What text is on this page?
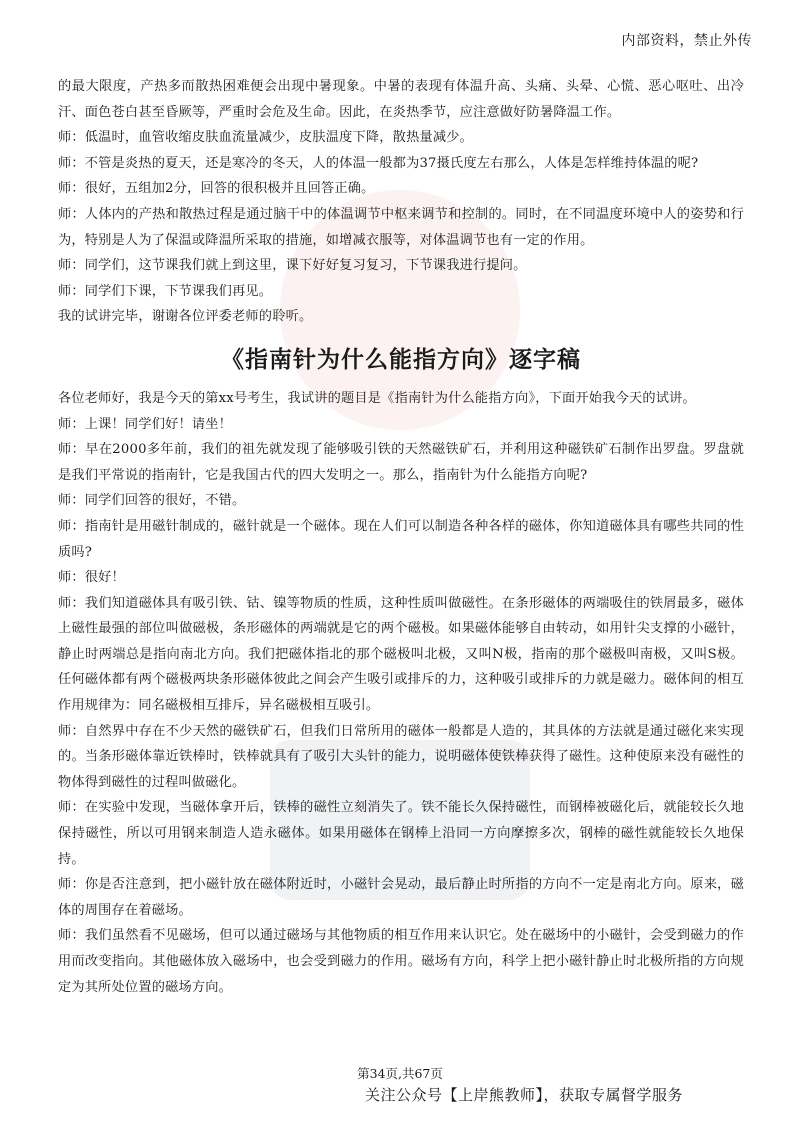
内部资料，禁止外传

的最大限度，产热多而散热困难便会出现中暑现象。中暑的表现有体温升高、头痛、头晕、心慌、恶心呕吐、出冷汗、面色苍白甚至昏厥等，严重时会危及生命。因此，在炎热季节，应注意做好防暑降温工作。

师：低温时，血管收缩皮肤血流量减少，皮肤温度下降，散热量减少。

师：不管是炎热的夏天，还是寒冷的冬天，人的体温一般都为37摄氏度左右那么，人体是怎样维持体温的呢?

师：很好，五组加2分，回答的很积极并且回答正确。

师：人体内的产热和散热过程是通过脑干中的体温调节中枢来调节和控制的。同时，在不同温度环境中人的姿势和行为，特别是人为了保温或降温所采取的措施，如增减衣服等，对体温调节也有一定的作用。

师：同学们，这节课我们就上到这里，课下好好复习复习，下节课我进行提问。

师：同学们下课，下节课我们再见。

我的试讲完毕，谢谢各位评委老师的聆听。

《指南针为什么能指方向》逐字稿

各位老师好，我是今天的第xx号考生，我试讲的题目是《指南针为什么能指方向》，下面开始我今天的试讲。

师：上课！同学们好！请坐！

师：早在2000多年前，我们的祖先就发现了能够吸引铁的天然磁铁矿石，并利用这种磁铁矿石制作出罗盘。罗盘就是我们平常说的指南针，它是我国古代的四大发明之一。那么，指南针为什么能指方向呢?

师：同学们回答的很好，不错。

师：指南针是用磁针制成的，磁针就是一个磁体。现在人们可以制造各种各样的磁体，你知道磁体具有哪些共同的性质吗?

师：很好！

师：我们知道磁体具有吸引铁、钴、镍等物质的性质，这种性质叫做磁性。在条形磁体的两端吸住的铁屑最多，磁体上磁性最强的部位叫做磁极，条形磁体的两端就是它的两个磁极。如果磁体能够自由转动，如用针尖支撑的小磁针，静止时两端总是指向南北方向。我们把磁体指北的那个磁极叫北极，又叫N极，指南的那个磁极叫南极，又叫S极。任何磁体都有两个磁极两块条形磁体彼此之间会产生吸引或排斥的力，这种吸引或排斥的力就是磁力。磁体间的相互作用规律为：同名磁极相互排斥，异名磁极相互吸引。

师：自然界中存在不少天然的磁铁矿石，但我们日常所用的磁体一般都是人造的，其具体的方法就是通过磁化来实现的。当条形磁体靠近铁棒时，铁棒就具有了吸引大头针的能力，说明磁体使铁棒获得了磁性。这种使原来没有磁性的物体得到磁性的过程叫做磁化。

师：在实验中发现，当磁体拿开后，铁棒的磁性立刻消失了。铁不能长久保持磁性，而钢棒被磁化后，就能较长久地保持磁性，所以可用钢来制造人造永磁体。如果用磁体在钢棒上沿同一方向摩擦多次，钢棒的磁性就能较长久地保持。

师：你是否注意到，把小磁针放在磁体附近时，小磁针会晃动，最后静止时所指的方向不一定是南北方向。原来，磁体的周围存在着磁场。

师：我们虽然看不见磁场，但可以通过磁场与其他物质的相互作用来认识它。处在磁场中的小磁针，会受到磁力的作用而改变指向。其他磁体放入磁场中，也会受到磁力的作用。磁场有方向，科学上把小磁针静止时北极所指的方向规定为其所处位置的磁场方向。

第34页,共67页
关注公众号【上岸熊教师】，获取专属督学服务
